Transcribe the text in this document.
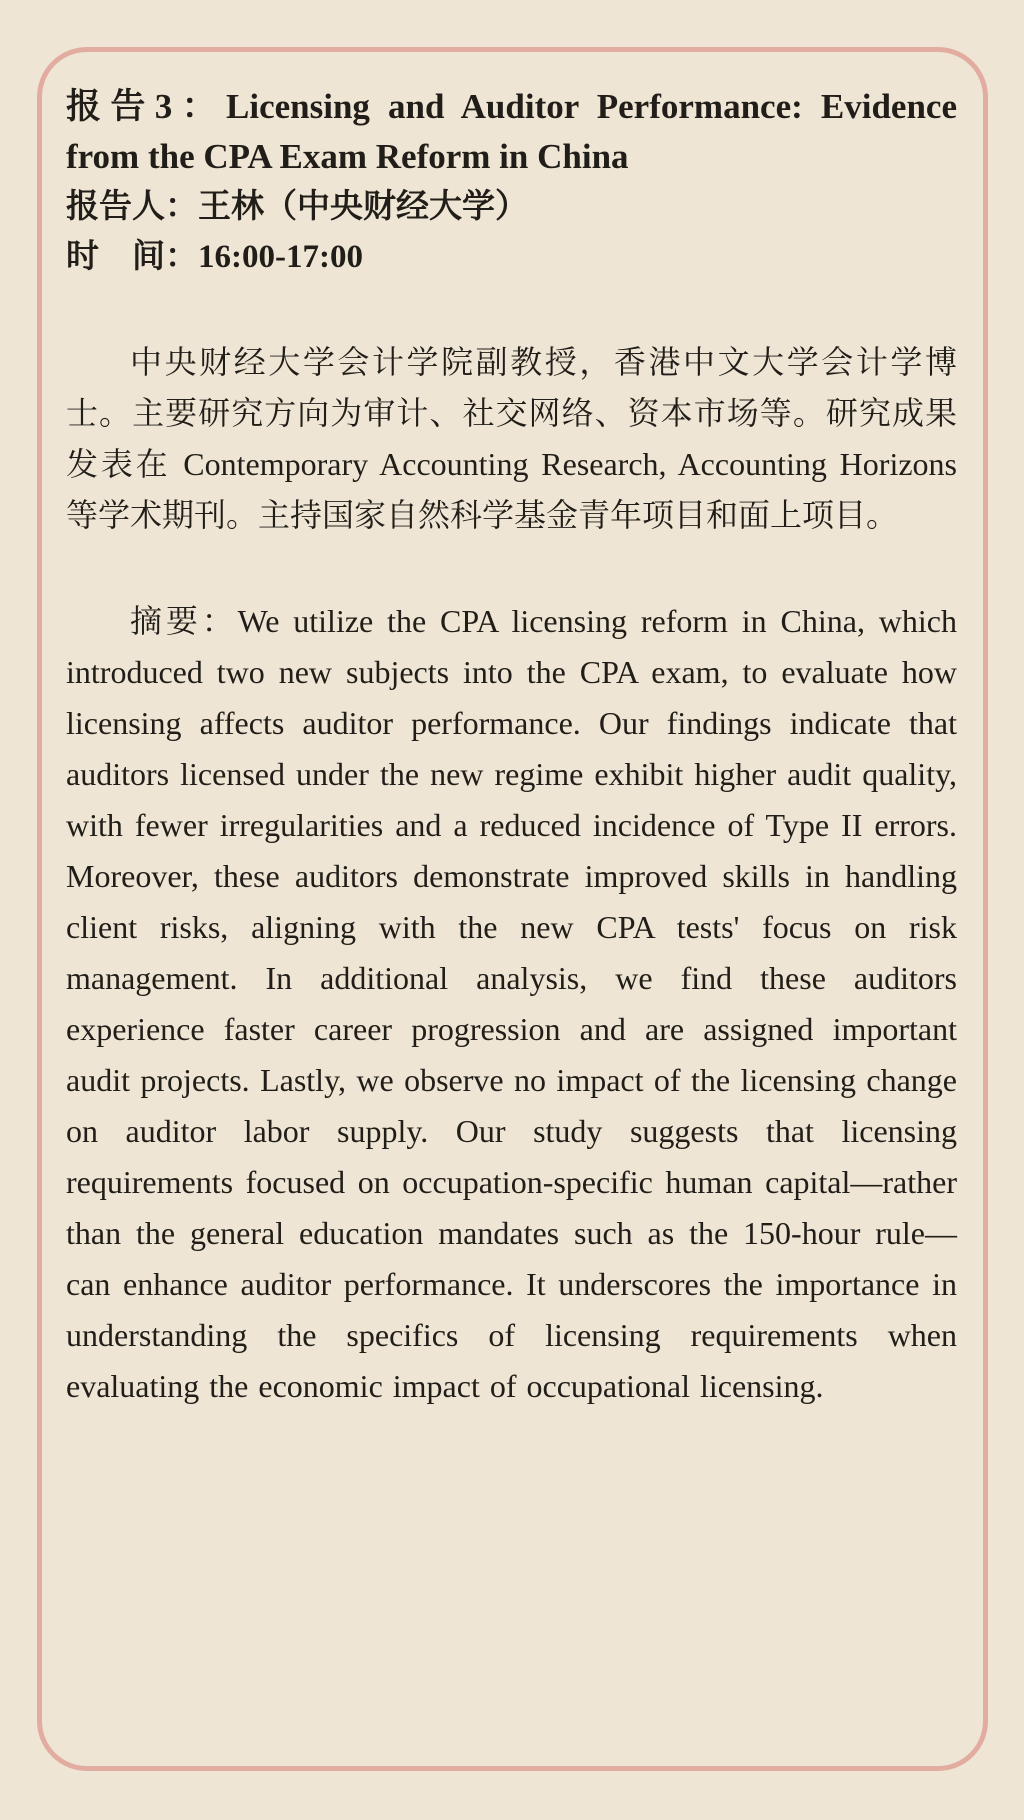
报告3：Licensing and Auditor Performance: Evidence from the CPA Exam Reform in China

报告人：王林（中央财经大学）

时　间：16:00-17:00

中央财经大学会计学院副教授，香港中文大学会计学博士。主要研究方向为审计、社交网络、资本市场等。研究成果发表在 Contemporary Accounting Research, Accounting Horizons等学术期刊。主持国家自然科学基金青年项目和面上项目。

摘要：We utilize the CPA licensing reform in China, which introduced two new subjects into the CPA exam, to evaluate how licensing affects auditor performance. Our findings indicate that auditors licensed under the new regime exhibit higher audit quality, with fewer irregularities and a reduced incidence of Type II errors. Moreover, these auditors demonstrate improved skills in handling client risks, aligning with the new CPA tests' focus on risk management. In additional analysis, we find these auditors experience faster career progression and are assigned important audit projects. Lastly, we observe no impact of the licensing change on auditor labor supply. Our study suggests that licensing requirements focused on occupation-specific human capital—rather than the general education mandates such as the 150-hour rule—can enhance auditor performance. It underscores the importance in understanding the specifics of licensing requirements when evaluating the economic impact of occupational licensing.
